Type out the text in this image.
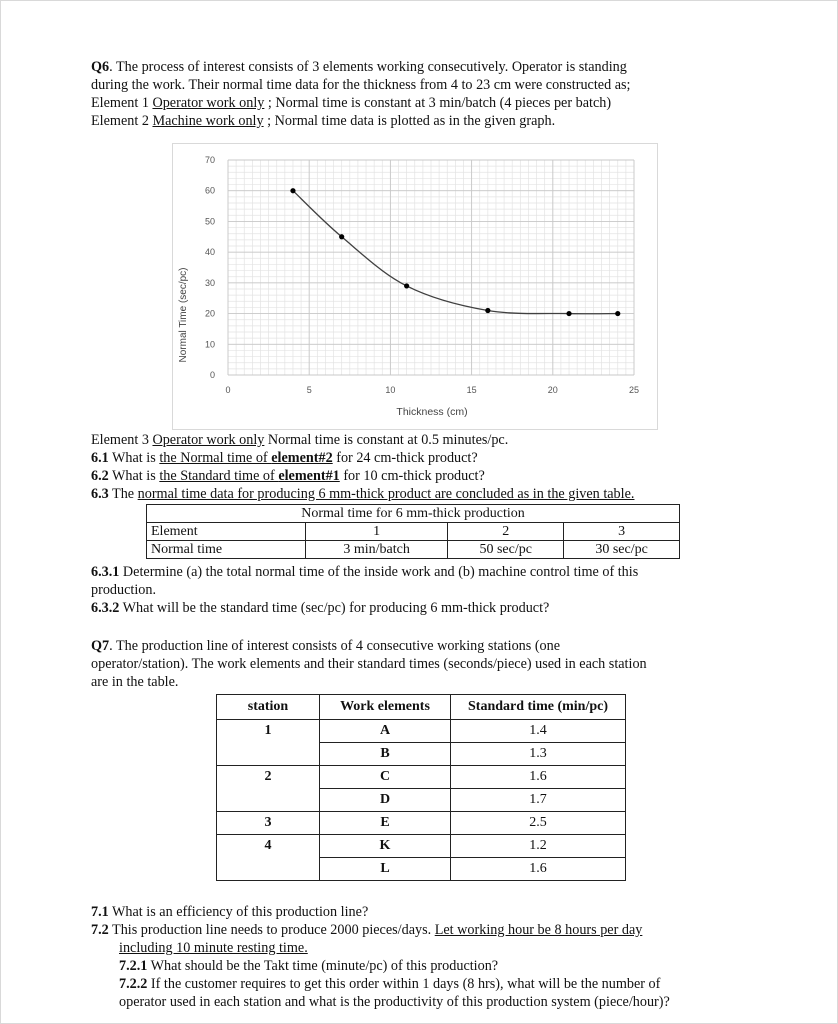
Q6. The process of interest consists of 3 elements working consecutively. Operator is standing
during the work. Their normal time data for the thickness from 4 to 23 cm were constructed as;
Element 1 Operator work only ; Normal time is constant at 3 min/batch (4 pieces per batch)
Element 2 Machine work only ; Normal time data is plotted as in the given graph.
0	5	10	15	20	25
0
10
20
30
40
50
60
70
Normal Time (sec/pc)
Thickness (cm)
Element 3 Operator work only Normal time is constant at 0.5 minutes/pc.
6.1 What is the Normal time of element#2 for 24 cm-thick product?
6.2 What is the Standard time of element#1 for 10 cm-thick product?
6.3 The normal time data for producing 6 mm-thick product are concluded as in the given table.
Normal time for 6 mm-thick production			
Element	1	2	3
Normal time	3 min/batch	50 sec/pc	30 sec/pc
6.3.1 Determine (a) the total normal time of the inside work and (b) machine control time of this
production.
6.3.2 What will be the standard time (sec/pc) for producing 6 mm-thick product?
Q7. The production line of interest consists of 4 consecutive working stations (one
operator/station). The work elements and their standard times (seconds/piece) used in each station
are in the table.
station	Work elements	Standard time (min/pc)
1	A	1.4
	B	1.3
2	C	1.6
	D	1.7
3	E	2.5
4	K	1.2
	L	1.6
7.1 What is an efficiency of this production line?
7.2 This production line needs to produce 2000 pieces/days. Let working hour be 8 hours per day
including 10 minute resting time.
7.2.1 What should be the Takt time (minute/pc) of this production?
7.2.2 If the customer requires to get this order within 1 days (8 hrs), what will be the number of
operator used in each station and what is the productivity of this production system (piece/hour)?
